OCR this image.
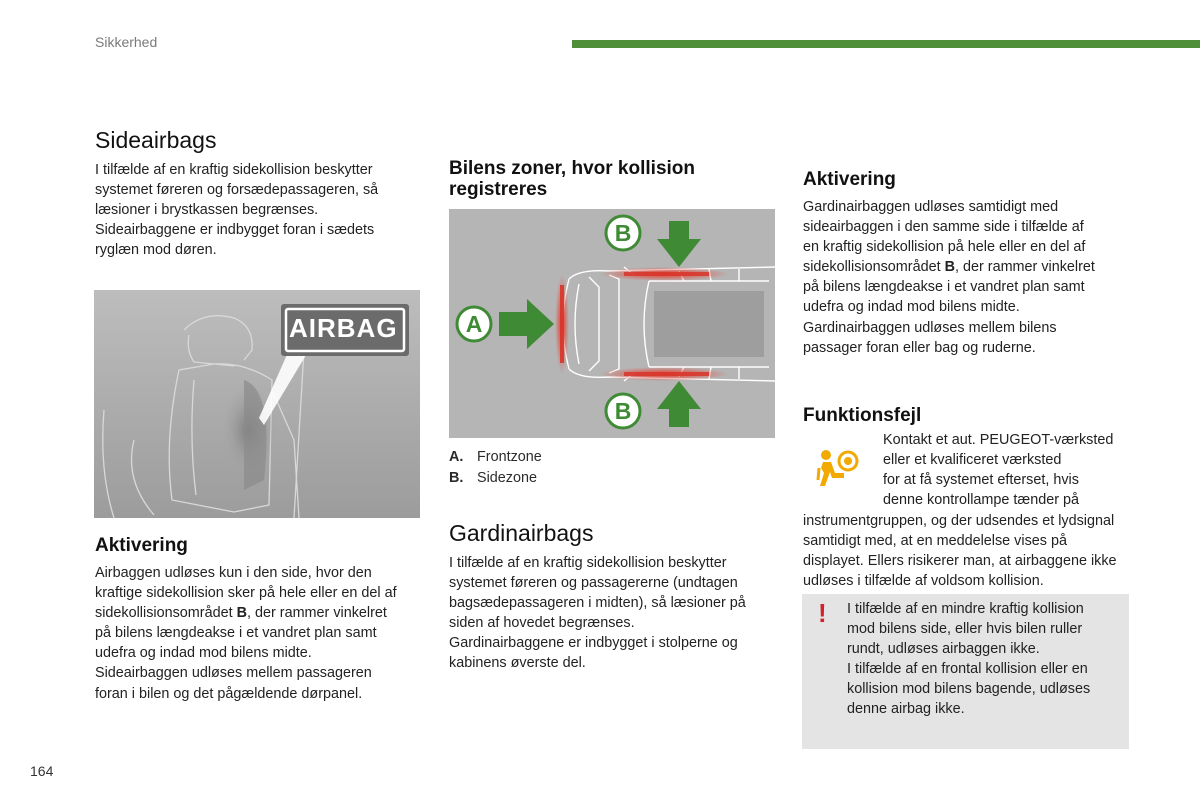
Sikkerhed
Sideairbags
I tilfælde af en kraftig sidekollision beskytter
systemet føreren og forsædepassageren, så
læsioner i brystkassen begrænses.
Sideairbaggene er indbygget foran i sædets
ryglæn mod døren.
AIRBAG
Aktivering
Airbaggen udløses kun i den side, hvor den
kraftige sidekollision sker på hele eller en del af
sidekollisionsområdet B, der rammer vinkelret
på bilens længdeakse i et vandret plan samt
udefra og indad mod bilens midte.
Sideairbaggen udløses mellem passageren
foran i bilen og det pågældende dørpanel.
Bilens zoner, hvor kollision
registreres
B
A
B
A. Frontzone
B. Sidezone
Gardinairbags
I tilfælde af en kraftig sidekollision beskytter
systemet føreren og passagererne (undtagen
bagsædepassageren i midten), så læsioner på
siden af hovedet begrænses.
Gardinairbaggene er indbygget i stolperne og
kabinens øverste del.
Aktivering
Gardinairbaggen udløses samtidigt med
sideairbaggen i den samme side i tilfælde af
en kraftig sidekollision på hele eller en del af
sidekollisionsområdet B, der rammer vinkelret
på bilens længdeakse i et vandret plan samt
udefra og indad mod bilens midte.
Gardinairbaggen udløses mellem bilens
passager foran eller bag og ruderne.
Funktionsfejl
Kontakt et aut. PEUGEOT-værksted
eller et kvalificeret værksted
for at få systemet efterset, hvis
denne kontrollampe tænder på
instrumentgruppen, og der udsendes et lydsignal
samtidigt med, at en meddelelse vises på
displayet. Ellers risikerer man, at airbaggene ikke
udløses i tilfælde af voldsom kollision.
! I tilfælde af en mindre kraftig kollision
mod bilens side, eller hvis bilen ruller
rundt, udløses airbaggen ikke.
I tilfælde af en frontal kollision eller en
kollision mod bilens bagende, udløses
denne airbag ikke.
164
